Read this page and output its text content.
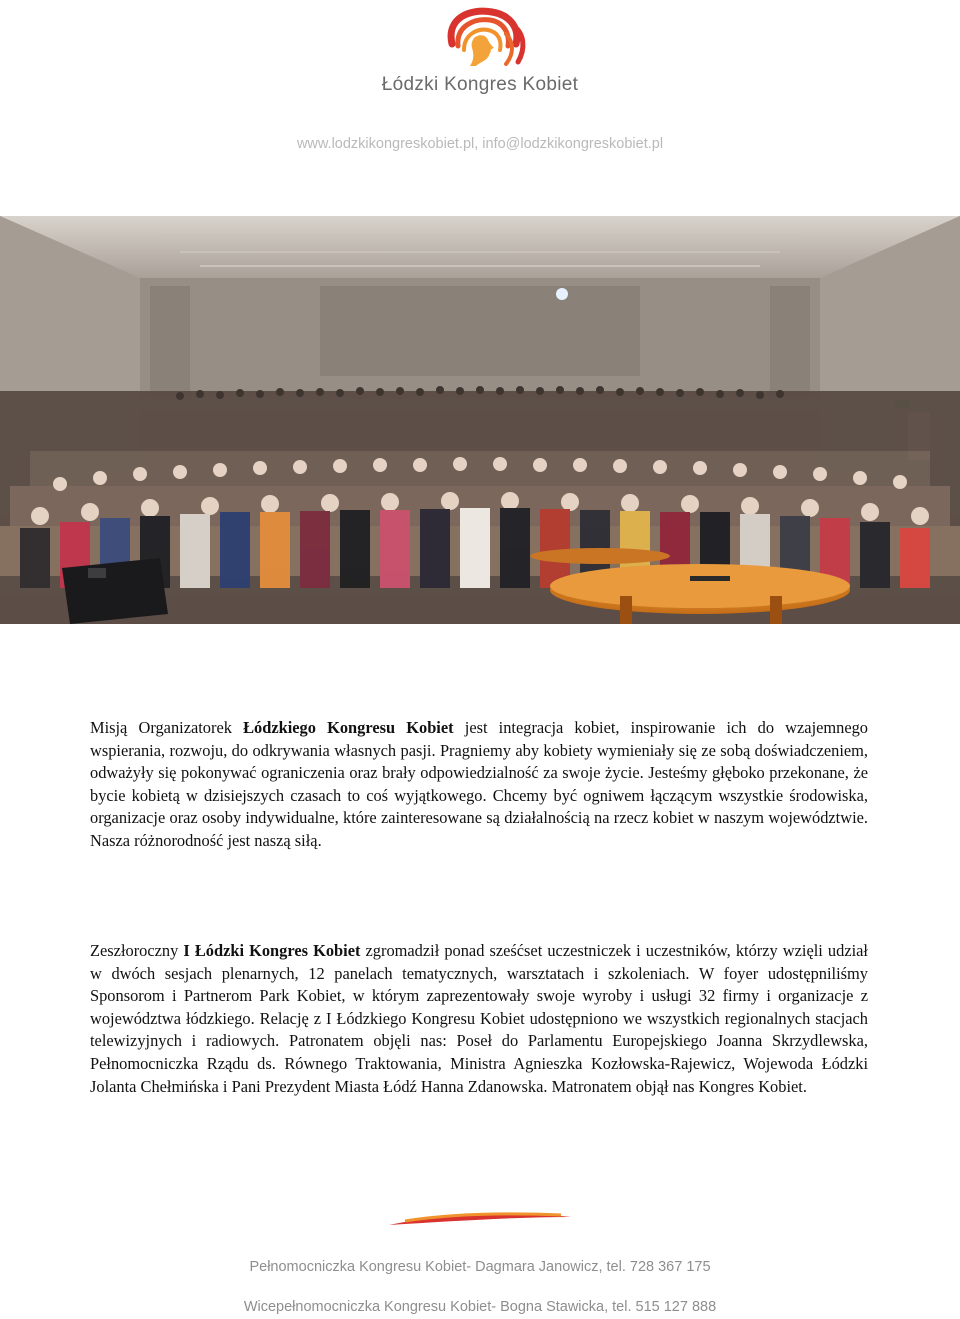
Łódzki Kongres Kobiet
www.lodzkikongreskobiet.pl, info@lodzkikongreskobiet.pl

Misją Organizatorek Łódzkiego Kongresu Kobiet jest integracja kobiet, inspirowanie ich do wzajemnego wspierania, rozwoju, do odkrywania własnych pasji. Pragniemy aby kobiety wymieniały się ze sobą doświadczeniem, odważyły się pokonywać ograniczenia oraz brały odpowiedzialność za swoje życie. Jesteśmy głęboko przekonane, że bycie kobietą w dzisiejszych czasach to coś wyjątkowego. Chcemy być ogniwem łączącym wszystkie środowiska, organizacje oraz osoby indywidualne, które zainteresowane są działalnością na rzecz kobiet w naszym województwie. Nasza różnorodność jest naszą siłą.

Zeszłoroczny I Łódzki Kongres Kobiet zgromadził ponad sześćset uczestniczek i uczestników, którzy wzięli udział w dwóch sesjach plenarnych, 12 panelach tematycznych, warsztatach i szkoleniach. W foyer udostępniliśmy Sponsorom i Partnerom Park Kobiet, w którym zaprezentowały swoje wyroby i usługi 32 firmy i organizacje z województwa łódzkiego. Relację z I Łódzkiego Kongresu Kobiet udostępniono we wszystkich regionalnych stacjach telewizyjnych i radiowych. Patronatem objęli nas: Poseł do Parlamentu Europejskiego Joanna Skrzydlewska, Pełnomocniczka Rządu ds. Równego Traktowania, Ministra Agnieszka Kozłowska-Rajewicz, Wojewoda Łódzki Jolanta Chełmińska i Pani Prezydent Miasta Łódź Hanna Zdanowska. Matronatem objął nas Kongres Kobiet.

Pełnomocniczka Kongresu Kobiet- Dagmara Janowicz, tel. 728 367 175
Wicepełnomocniczka Kongresu Kobiet- Bogna Stawicka, tel. 515 127 888
